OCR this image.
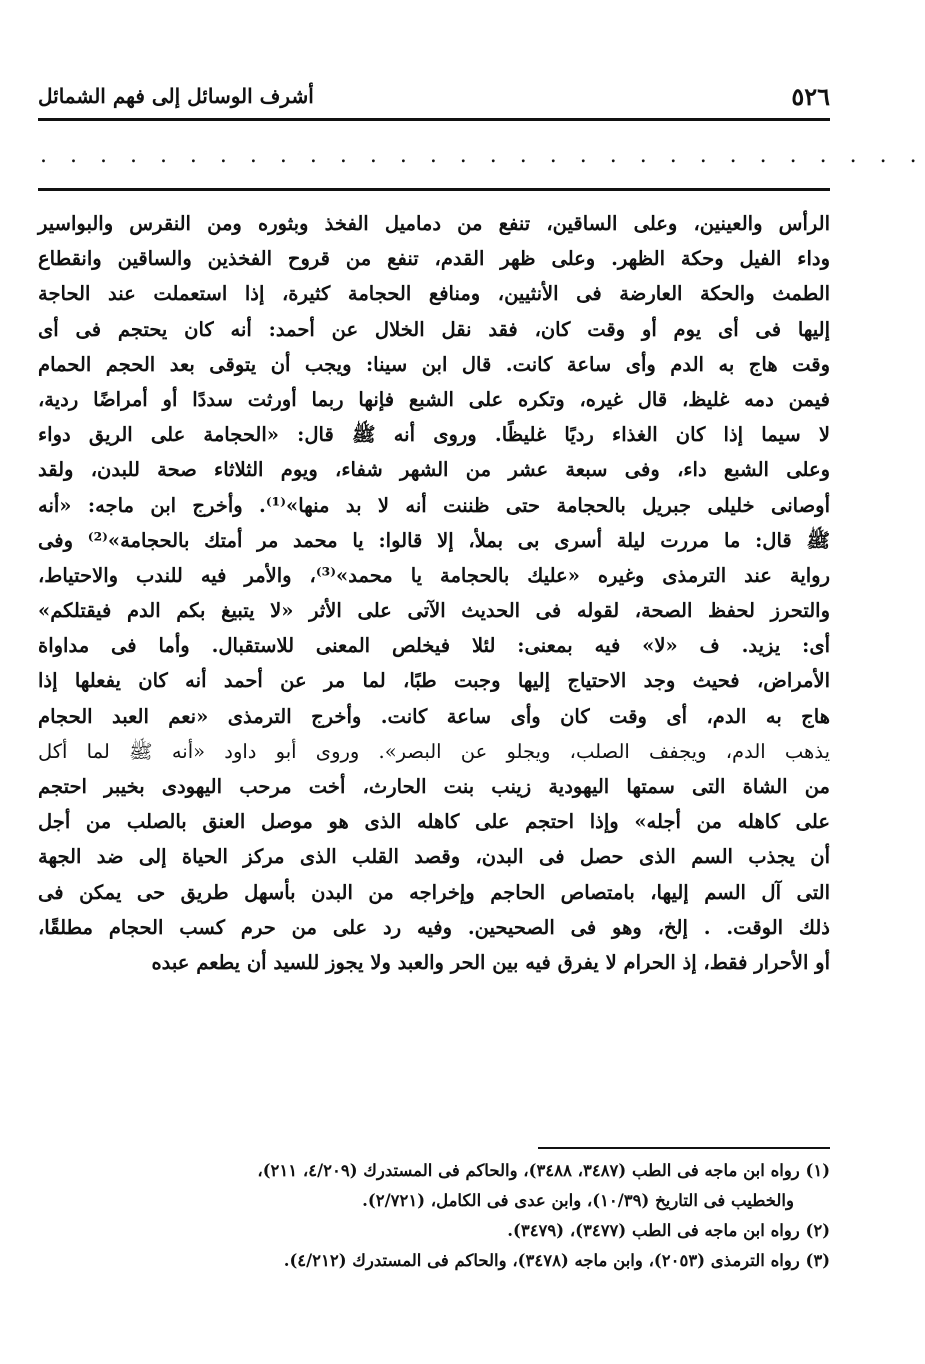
٥٢٦
أشرف الوسائل إلى فهم الشمائل
. . . . . . . . . . . . . . . . . . . . . . . . . . . . . .
الرأس والعينين، وعلى الساقين، تنفع من دماميل الفخذ وبثوره ومن النقرس والبواسير
وداء الفيل وحكة الظهر. وعلى ظهر القدم، تنفع من قروح الفخذين والساقين وانقطاع
الطمث والحكة العارضة فى الأنثيين، ومنافع الحجامة كثيرة، إذا استعملت عند الحاجة
إليها فى أى يوم أو وقت كان، فقد نقل الخلال عن أحمد: أنه كان يحتجم فى أى
وقت هاج به الدم وأى ساعة كانت. قال ابن سينا: ويجب أن يتوقى بعد الحجم الحمام
فيمن دمه غليظ، قال غيره، وتكره على الشبع فإنها ربما أورثت سددًا أو أمراضًا ردية،
لا سيما إذا كان الغذاء رديًا غليظًا. وروى أنه ﷺ قال: «الحجامة على الريق دواء
وعلى الشبع داء، وفى سبعة عشر من الشهر شفاء، ويوم الثلاثاء صحة للبدن، ولقد
أوصانى خليلى جبريل بالحجامة حتى ظننت أنه لا بد منها»⁽¹⁾. وأخرج ابن ماجه: «أنه
ﷺ قال: ما مررت ليلة أسرى بى بملأ، إلا قالوا: يا محمد مر أمتك بالحجامة»⁽²⁾ وفى
رواية عند الترمذى وغيره «عليك بالحجامة يا محمد»⁽³⁾، والأمر فيه للندب والاحتياط،
والتحرز لحفظ الصحة، لقوله فى الحديث الآتى على الأثر «لا يتبيغ بكم الدم فيقتلكم»
أى: يزيد. ف «لا» فيه بمعنى: لئلا فيخلص المعنى للاستقبال. وأما فى مداواة
الأمراض، فحيث وجد الاحتياج إليها وجبت طبًا، لما مر عن أحمد أنه كان يفعلها إذا
هاج به الدم، أى وقت كان وأى ساعة كانت. وأخرج الترمذى «نعم العبد الحجام
يذهب الدم، ويجفف الصلب، ويجلو عن البصر». وروى أبو داود «أنه ﷺ لما أكل
من الشاة التى سمتها اليهودية زينب بنت الحارث، أخت مرحب اليهودى بخيبر احتجم
على كاهله من أجله» وإذا احتجم على كاهله الذى هو موصل العنق بالصلب من أجل
أن يجذب السم الذى حصل فى البدن، وقصد القلب الذى مركز الحياة إلى ضد الجهة
التى آل السم إليها، بامتصاص الحاجم وإخراجه من البدن بأسهل طريق حى يمكن فى
ذلك الوقت. . إلخ، وهو فى الصحيحين. وفيه رد على من حرم كسب الحجام مطلقًا،
أو الأحرار فقط، إذ الحرام لا يفرق فيه بين الحر والعبد ولا يجوز للسيد أن يطعم عبده
(١) رواه ابن ماجه فى الطب (٣٤٨٧، ٣٤٨٨)، والحاكم فى المستدرك (٤/٢٠٩، ٢١١)،
والخطيب فى التاريخ (١٠/٣٩)، وابن عدى فى الكامل، (٢/٧٢١).
(٢) رواه ابن ماجه فى الطب (٣٤٧٧)، (٣٤٧٩).
(٣) رواه الترمذى (٢٠٥٣)، وابن ماجه (٣٤٧٨)، والحاكم فى المستدرك (٤/٢١٢).
